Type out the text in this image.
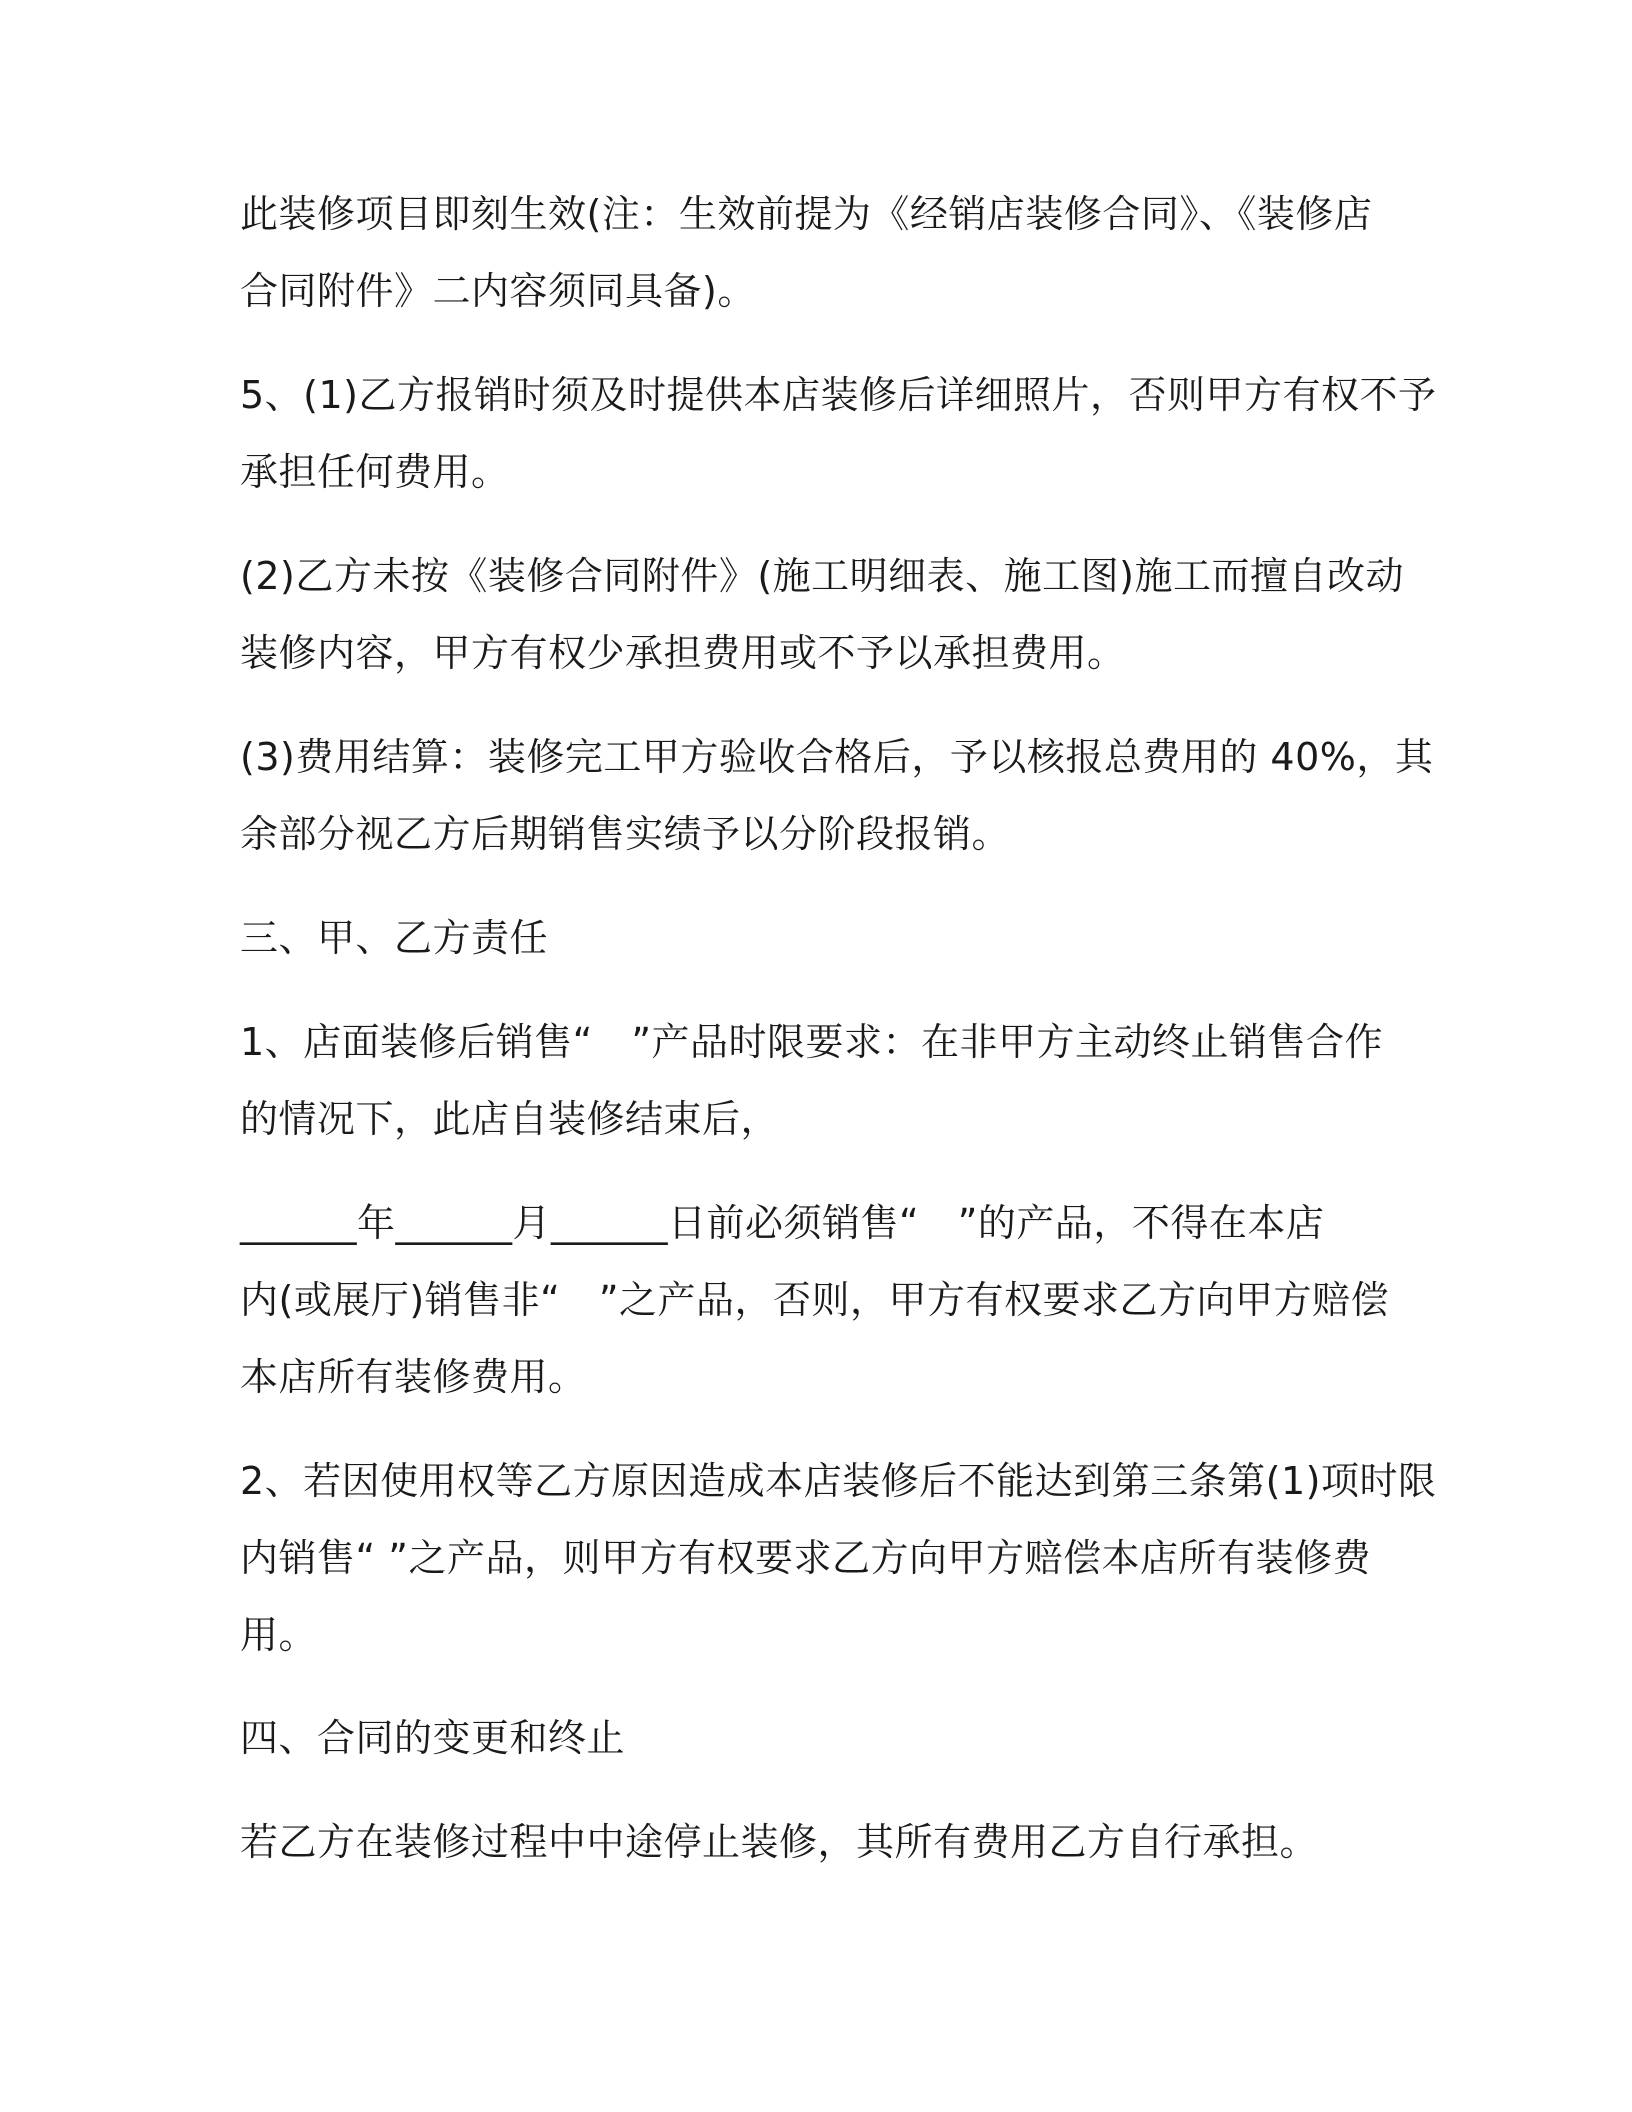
此装修项目即刻生效(注：生效前提为《经销店装修合同》、《装修店
合同附件》二内容须同具备)。

5、(1)乙方报销时须及时提供本店装修后详细照片，否则甲方有权不予
承担任何费用。

(2)乙方未按《装修合同附件》(施工明细表、施工图)施工而擅自改动
装修内容，甲方有权少承担费用或不予以承担费用。

(3)费用结算：装修完工甲方验收合格后，予以核报总费用的 40%，其
余部分视乙方后期销售实绩予以分阶段报销。

三、甲、乙方责任

1、店面装修后销售“　”产品时限要求：在非甲方主动终止销售合作
的情况下，此店自装修结束后，

______年______月______日前必须销售“　”的产品，不得在本店
内(或展厅)销售非“　”之产品，否则，甲方有权要求乙方向甲方赔偿
本店所有装修费用。

2、若因使用权等乙方原因造成本店装修后不能达到第三条第(1)项时限
内销售“ ”之产品，则甲方有权要求乙方向甲方赔偿本店所有装修费
用。

四、合同的变更和终止

若乙方在装修过程中中途停止装修，其所有费用乙方自行承担。
